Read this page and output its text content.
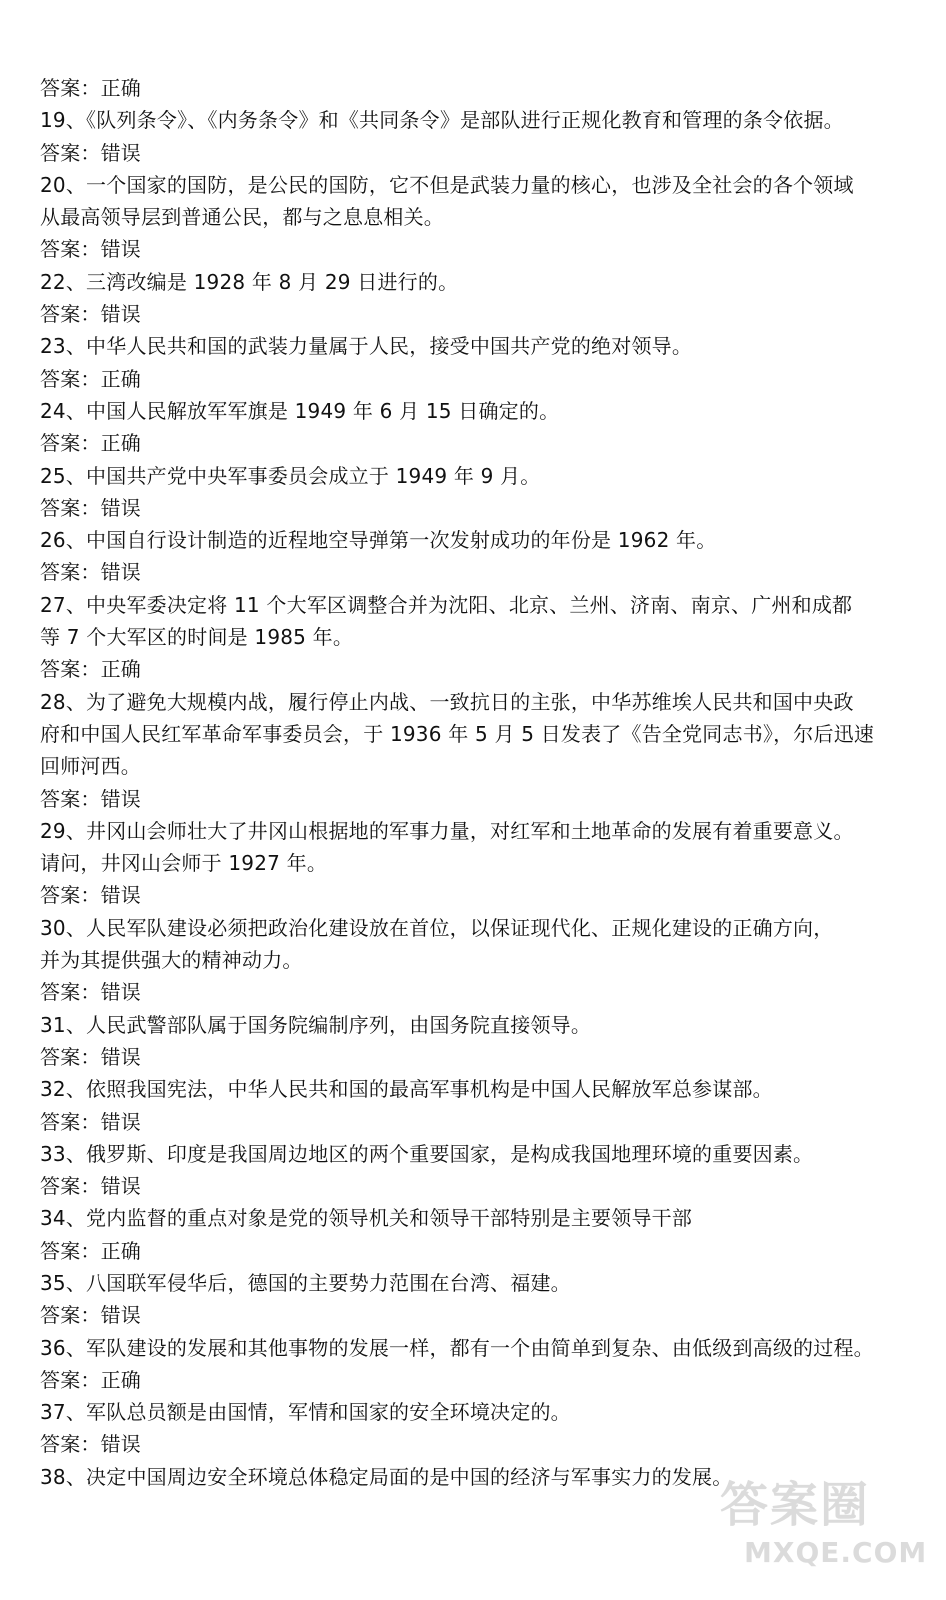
答案：正确
19、《队列条令》、《内务条令》和《共同条令》是部队进行正规化教育和管理的条令依据。
答案：错误
20、一个国家的国防，是公民的国防，它不但是武装力量的核心，也涉及全社会的各个领域
从最高领导层到普通公民，都与之息息相关。
答案：错误
22、三湾改编是 1928 年 8 月 29 日进行的。
答案：错误
23、中华人民共和国的武装力量属于人民，接受中国共产党的绝对领导。
答案：正确
24、中国人民解放军军旗是 1949 年 6 月 15 日确定的。
答案：正确
25、中国共产党中央军事委员会成立于 1949 年 9 月。
答案：错误
26、中国自行设计制造的近程地空导弹第一次发射成功的年份是 1962 年。
答案：错误
27、中央军委决定将 11 个大军区调整合并为沈阳、北京、兰州、济南、南京、广州和成都
等 7 个大军区的时间是 1985 年。
答案：正确
28、为了避免大规模内战，履行停止内战、一致抗日的主张，中华苏维埃人民共和国中央政
府和中国人民红军革命军事委员会，于 1936 年 5 月 5 日发表了《告全党同志书》，尔后迅速
回师河西。
答案：错误
29、井冈山会师壮大了井冈山根据地的军事力量，对红军和土地革命的发展有着重要意义。
请问，井冈山会师于 1927 年。
答案：错误
30、人民军队建设必须把政治化建设放在首位，以保证现代化、正规化建设的正确方向，
并为其提供强大的精神动力。
答案：错误
31、人民武警部队属于国务院编制序列，由国务院直接领导。
答案：错误
32、依照我国宪法，中华人民共和国的最高军事机构是中国人民解放军总参谋部。
答案：错误
33、俄罗斯、印度是我国周边地区的两个重要国家，是构成我国地理环境的重要因素。
答案：错误
34、党内监督的重点对象是党的领导机关和领导干部特别是主要领导干部
答案：正确
35、八国联军侵华后，德国的主要势力范围在台湾、福建。
答案：错误
36、军队建设的发展和其他事物的发展一样，都有一个由简单到复杂、由低级到高级的过程。
答案：正确
37、军队总员额是由国情，军情和国家的安全环境决定的。
答案：错误
38、决定中国周边安全环境总体稳定局面的是中国的经济与军事实力的发展。
答案圈
MXQE.COM
